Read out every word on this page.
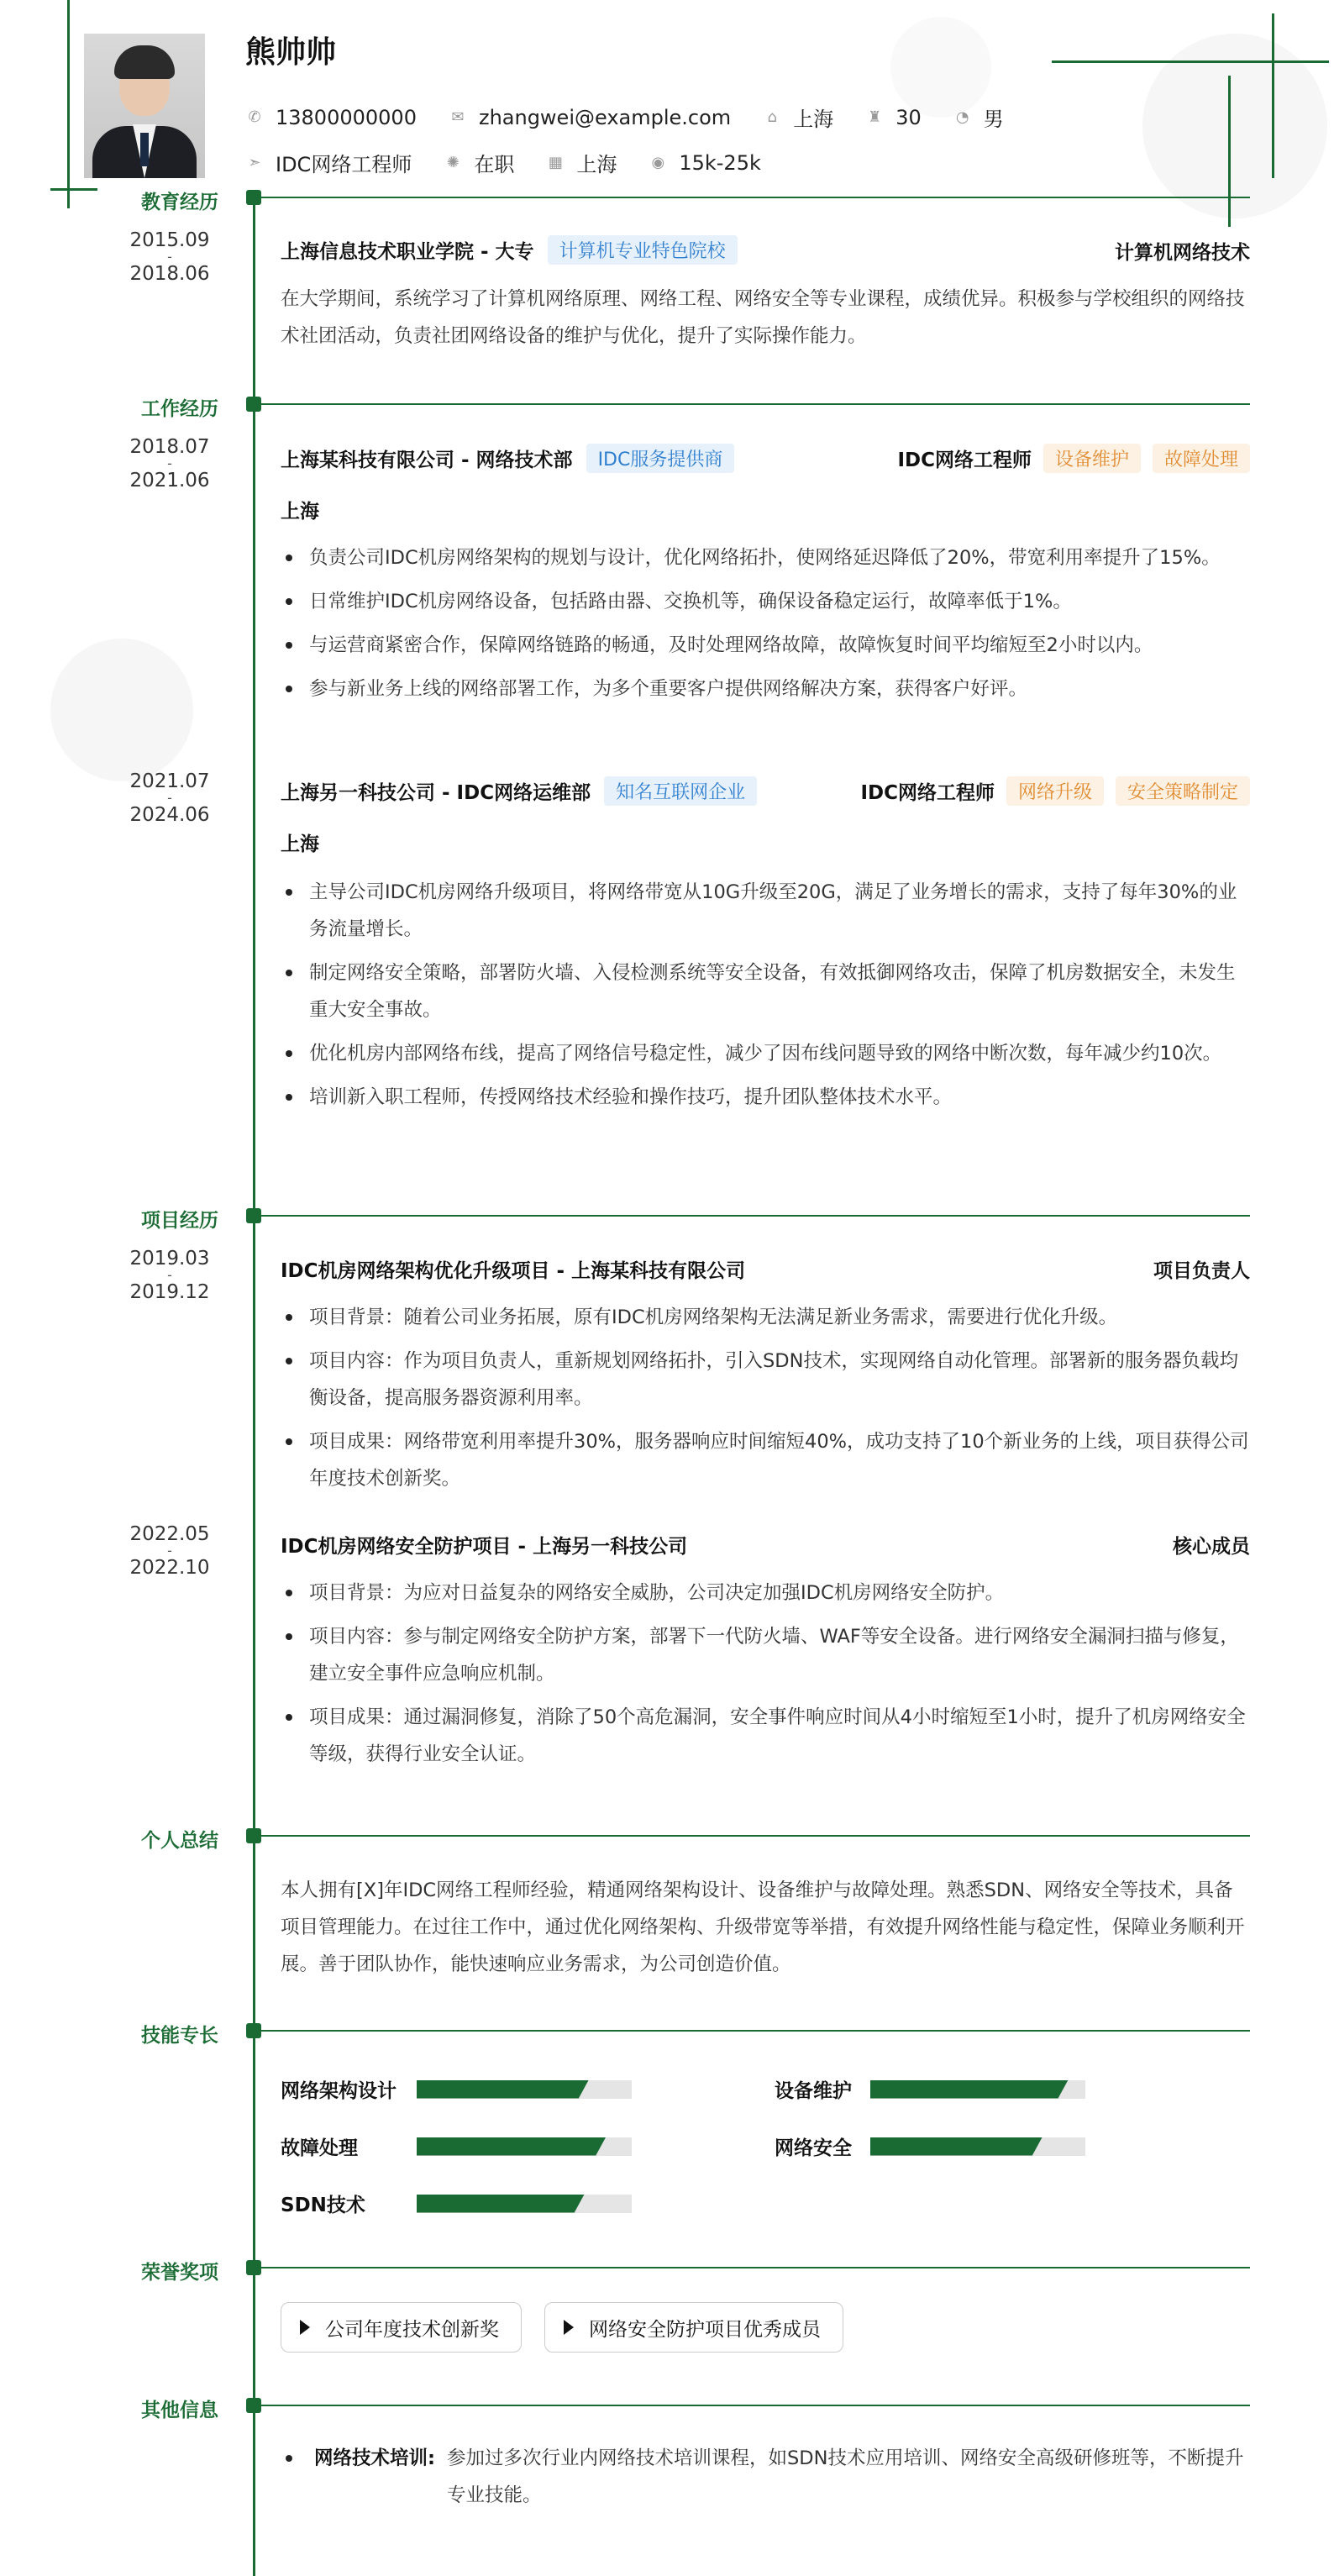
熊帅帅
✆ 13800000000 ✉ zhangwei@example.com ⌂ 上海 ♜ 30 ◔ 男
➣ IDC网络工程师 ✺ 在职 ▦ 上海 ◉ 15k-25k
教育经历
2015.09
-
2018.06
上海信息技术职业学院 - 大专	计算机专业特色院校	计算机网络技术
在大学期间，系统学习了计算机网络原理、网络工程、网络安全等专业课程，成绩优异。积极参与学校组织的网络技术社团活动，负责社团网络设备的维护与优化，提升了实际操作能力。
工作经历
2018.07
-
2021.06
上海某科技有限公司 - 网络技术部	IDC服务提供商	IDC网络工程师	设备维护	故障处理
上海
负责公司IDC机房网络架构的规划与设计，优化网络拓扑，使网络延迟降低了20%，带宽利用率提升了15%。
日常维护IDC机房网络设备，包括路由器、交换机等，确保设备稳定运行，故障率低于1%。
与运营商紧密合作，保障网络链路的畅通，及时处理网络故障，故障恢复时间平均缩短至2小时以内。
参与新业务上线的网络部署工作，为多个重要客户提供网络解决方案，获得客户好评。
2021.07
-
2024.06
上海另一科技公司 - IDC网络运维部	知名互联网企业	IDC网络工程师	网络升级	安全策略制定
上海
主导公司IDC机房网络升级项目，将网络带宽从10G升级至20G，满足了业务增长的需求，支持了每年30%的业务流量增长。
制定网络安全策略，部署防火墙、入侵检测系统等安全设备，有效抵御网络攻击，保障了机房数据安全，未发生重大安全事故。
优化机房内部网络布线，提高了网络信号稳定性，减少了因布线问题导致的网络中断次数，每年减少约10次。
培训新入职工程师，传授网络技术经验和操作技巧，提升团队整体技术水平。
项目经历
2019.03
-
2019.12
IDC机房网络架构优化升级项目 - 上海某科技有限公司	项目负责人
项目背景：随着公司业务拓展，原有IDC机房网络架构无法满足新业务需求，需要进行优化升级。
项目内容：作为项目负责人，重新规划网络拓扑，引入SDN技术，实现网络自动化管理。部署新的服务器负载均衡设备，提高服务器资源利用率。
项目成果：网络带宽利用率提升30%，服务器响应时间缩短40%，成功支持了10个新业务的上线，项目获得公司年度技术创新奖。
2022.05
-
2022.10
IDC机房网络安全防护项目 - 上海另一科技公司	核心成员
项目背景：为应对日益复杂的网络安全威胁，公司决定加强IDC机房网络安全防护。
项目内容：参与制定网络安全防护方案，部署下一代防火墙、WAF等安全设备。进行网络安全漏洞扫描与修复，建立安全事件应急响应机制。
项目成果：通过漏洞修复，消除了50个高危漏洞，安全事件响应时间从4小时缩短至1小时，提升了机房网络安全等级，获得行业安全认证。
个人总结
本人拥有[X]年IDC网络工程师经验，精通网络架构设计、设备维护与故障处理。熟悉SDN、网络安全等技术，具备项目管理能力。在过往工作中，通过优化网络架构、升级带宽等举措，有效提升网络性能与稳定性，保障业务顺利开展。善于团队协作，能快速响应业务需求，为公司创造价值。
技能专长
网络架构设计	设备维护
故障处理	网络安全
SDN技术
荣誉奖项
公司年度技术创新奖	网络安全防护项目优秀成员
其他信息
网络技术培训: 参加过多次行业内网络技术培训课程，如SDN技术应用培训、网络安全高级研修班等，不断提升专业技能。
